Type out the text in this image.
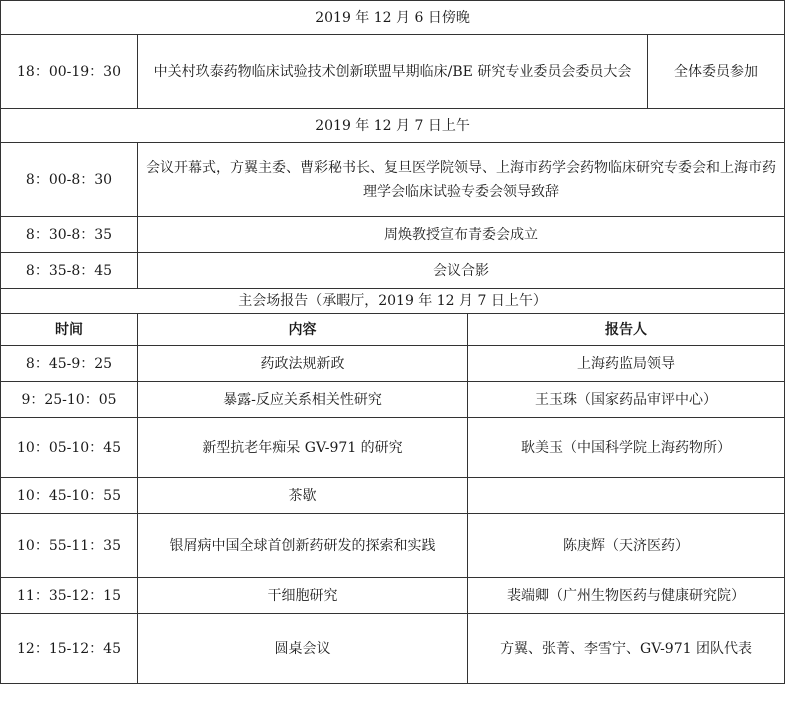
2019 年 12 月 6 日傍晚			
18：00-19：30	中关村玖泰药物临床试验技术创新联盟早期临床/BE 研究专业委员会委员大会		全体委员参加
2019 年 12 月 7 日上午			
8：00-8：30	会议开幕式，方翼主委、曹彩秘书长、复旦医学院领导、上海市药学会药物临床研究专委会和上海市药理学会临床试验专委会领导致辞		
8：30-8：35	周焕教授宣布青委会成立		
8：35-8：45	会议合影		
主会场报告（承暇厅，2019 年 12 月 7 日上午）			
时间	内容	报告人	
8：45-9：25	药政法规新政	上海药监局领导	
9：25-10：05	暴露-反应关系相关性研究	王玉珠（国家药品审评中心）	
10：05-10：45	新型抗老年痴呆 GV-971 的研究	耿美玉（中国科学院上海药物所）	
10：45-10：55	茶歇		
10：55-11：35	银屑病中国全球首创新药研发的探索和实践	陈庚辉（天济医药）	
11：35-12：15	干细胞研究	裴端卿（广州生物医药与健康研究院）	
12：15-12：45	圆桌会议	方翼、张菁、李雪宁、GV-971 团队代表	
